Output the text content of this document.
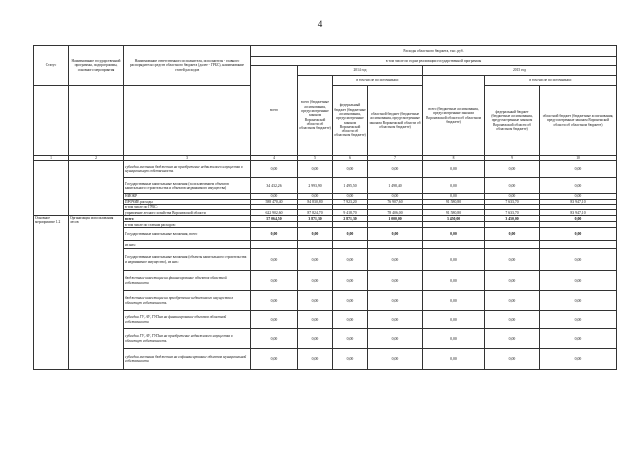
4
Статус	Наименование государственной программы, подпрограммы, основного мероприятия	Наименование ответственного исполнителя, исполнителя - главного распорядителя средств областного бюджета (далее - ГРБС), наименование статей расходов	Расходы областного бюджета, тыс. руб.						
			в том числе по годам реализации государственной программы						
			всего	2014 год			2015 год		
				всего (бюджетные ассигнования, предусмотренные законом Воронежской области об областном бюджете)	в том числе по источникам:		всего (бюджетные ассигнования, предусмотренные законом Воронежской области об областном бюджете)	в том числе по источникам:	
					федеральный бюджет (бюджетные ассигнования, предусмотренные законом Воронежской области об областном бюджете)	областной бюджет (бюджетные ассигнования, предусмотренные законом Воронежской области об областном бюджете)		федеральный бюджет (бюджетные ассигнования, предусмотренные законом Воронежской области об областном бюджете)	областной бюджет (бюджетные ассигнования, предусмотренные законом Воронежской области об областном бюджете)
1	2	3	4	5	6	7	8	9	10
		субсидии местным бюджетам на приобретение недвижимого имущества в муниципальную собственность	0,00	0,00	0,00	0,00	0,00	0,00	0,00
		Государственные капитальные вложения (за исключением объектов капитального строительства и объектов недвижимого имущества)	34 432,26	2 993,90	1 495,50	1 498,40	0,00	0,00	0,00
		НИОКР	0,00	0,00	0,00	0,00	0,00	0,00	0,00
		ПРОЧИЕ расходы	588 470,40	84 830,80	7 923,20	76 907,60	91 580,80	7 633,70	83 947,10
		в том числе по ГРБС:							
		управление лесного хозяйства Воронежской области	622 902,60	87 824,70	9 418,70	78 406,00	91 580,80	7 633,70	83 947,10
Основное мероприятие 1.2	Организация использования лесов	всего	57 064,50	3 871,30	2 871,30	1 000,00	3 450,00	3 450,00	0,00
		в том числе по статьям расходов:							
		Государственные капитальные вложения, всего	0,00	0,00	0,00	0,00	0,00	0,00	0,00
		из них:							
		Государственные капитальные вложения (объекты капитального строительства и недвижимое имущество), из них:	0,00	0,00	0,00	0,00	0,00	0,00	0,00
		бюджетные инвестиции на финансирование объектов областной собственности	0,00	0,00	0,00	0,00	0,00	0,00	0,00
		бюджетные инвестиции на приобретение недвижимого имущества в областную собственность	0,00	0,00	0,00	0,00	0,00	0,00	0,00
		субсидии ГУ, АУ, ГУПам на финансирование объектов областной собственности	0,00	0,00	0,00	0,00	0,00	0,00	0,00
		субсидии ГУ, АУ, ГУПам на приобретение недвижимого имущества в областную собственность	0,00	0,00	0,00	0,00	0,00	0,00	0,00
		субсидии местным бюджетам на софинансирование объектов муниципальной собственности	0,00	0,00	0,00	0,00	0,00	0,00	0,00
